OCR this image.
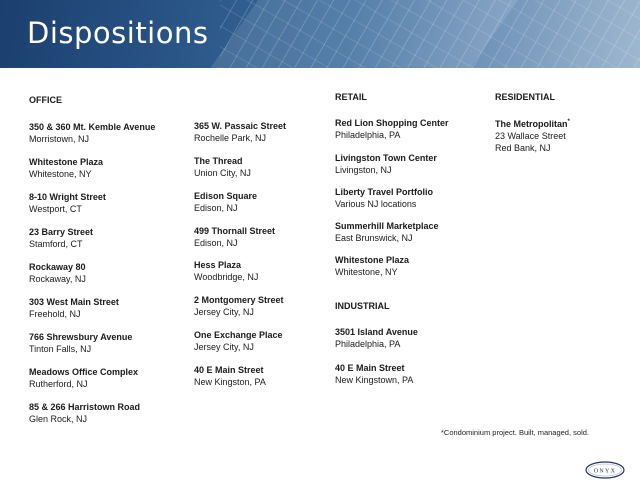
Dispositions
OFFICE
350 & 360 Mt. Kemble Avenue
Morristown, NJ
Whitestone Plaza
Whitestone, NY
8-10 Wright Street
Westport, CT
23 Barry Street
Stamford, CT
Rockaway 80
Rockaway, NJ
303 West Main Street
Freehold, NJ
766 Shrewsbury Avenue
Tinton Falls, NJ
Meadows Office Complex
Rutherford, NJ
85 & 266 Harristown Road
Glen Rock, NJ
365 W. Passaic Street
Rochelle Park, NJ
The Thread
Union City, NJ
Edison Square
Edison, NJ
499 Thornall Street
Edison, NJ
Hess Plaza
Woodbridge, NJ
2 Montgomery Street
Jersey City, NJ
One Exchange Place
Jersey City, NJ
40 E Main Street
New Kingston, PA
RETAIL
Red Lion Shopping Center
Philadelphia, PA
Livingston Town Center
Livingston, NJ
Liberty Travel Portfolio
Various NJ locations
Summerhill Marketplace
East Brunswick, NJ
Whitestone Plaza
Whitestone, NY
INDUSTRIAL
3501 Island Avenue
Philadelphia, PA
40 E Main Street
New Kingstown, PA
RESIDENTIAL
The Metropolitan*
23 Wallace Street
Red Bank, NJ
*Condominium project. Built, managed, sold.
ONYX
